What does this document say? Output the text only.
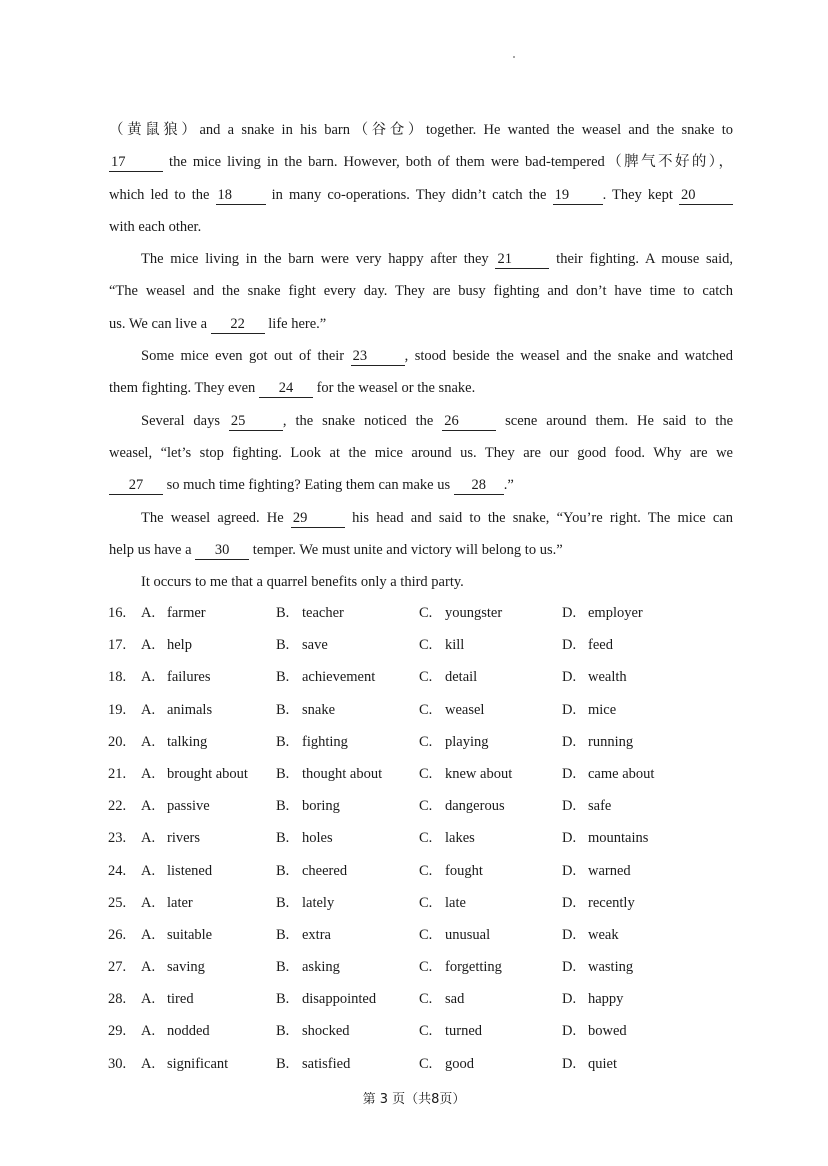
（黄鼠狼）and a snake in his barn（谷仓）together. He wanted the weasel and the snake to
17	the mice living in the barn. However, both of them were bad-tempered（脾气不好的），
which led to the 18 in many co-operations. They didn’t catch the 19 . They kept 20
with each other.
The mice living in the barn were very happy after they 21	their fighting. A mouse said,
“The weasel and the snake fight every day. They are busy fighting and don’t have time to catch
us. We can live a 22 life here.”
Some mice even got out of their 23	, stood beside the weasel and the snake and watched
them fighting. They even 24 for the weasel or the snake.
Several days 25	, the snake noticed the 26	scene around them. He said to the
weasel, “let’s stop fighting. Look at the mice around us. They are our good food. Why are we
27 so much time fighting? Eating them can make us 28 .”
The weasel agreed. He 29	his head and said to the snake, “You’re right. The mice can
help us have a 30 temper. We must unite and victory will belong to us.”
It occurs to me that a quarrel benefits only a third party.
16. A. farmer	B. teacher	C. youngster	D. employer
17. A. help	B. save	C. kill	D. feed
18. A. failures	B. achievement	C. detail	D. wealth
19. A. animals	B. snake	C. weasel	D. mice
20. A. talking	B. fighting	C. playing	D. running
21. A. brought about B. thought about	C. knew about	D. came about
22. A. passive	B. boring	C. dangerous	D. safe
23. A. rivers	B. holes	C. lakes	D. mountains
24. A. listened	B. cheered	C. fought	D. warned
25. A. later	B. lately	C. late	D. recently
26. A. suitable	B. extra	C. unusual	D. weak
27. A. saving	B. asking	C. forgetting	D. wasting
28. A. tired	B. disappointed	C. sad	D. happy
29. A. nodded	B. shocked	C. turned	D. bowed
30. A. significant	B. satisfied	C. good	D. quiet
第 3 页（共8页）
